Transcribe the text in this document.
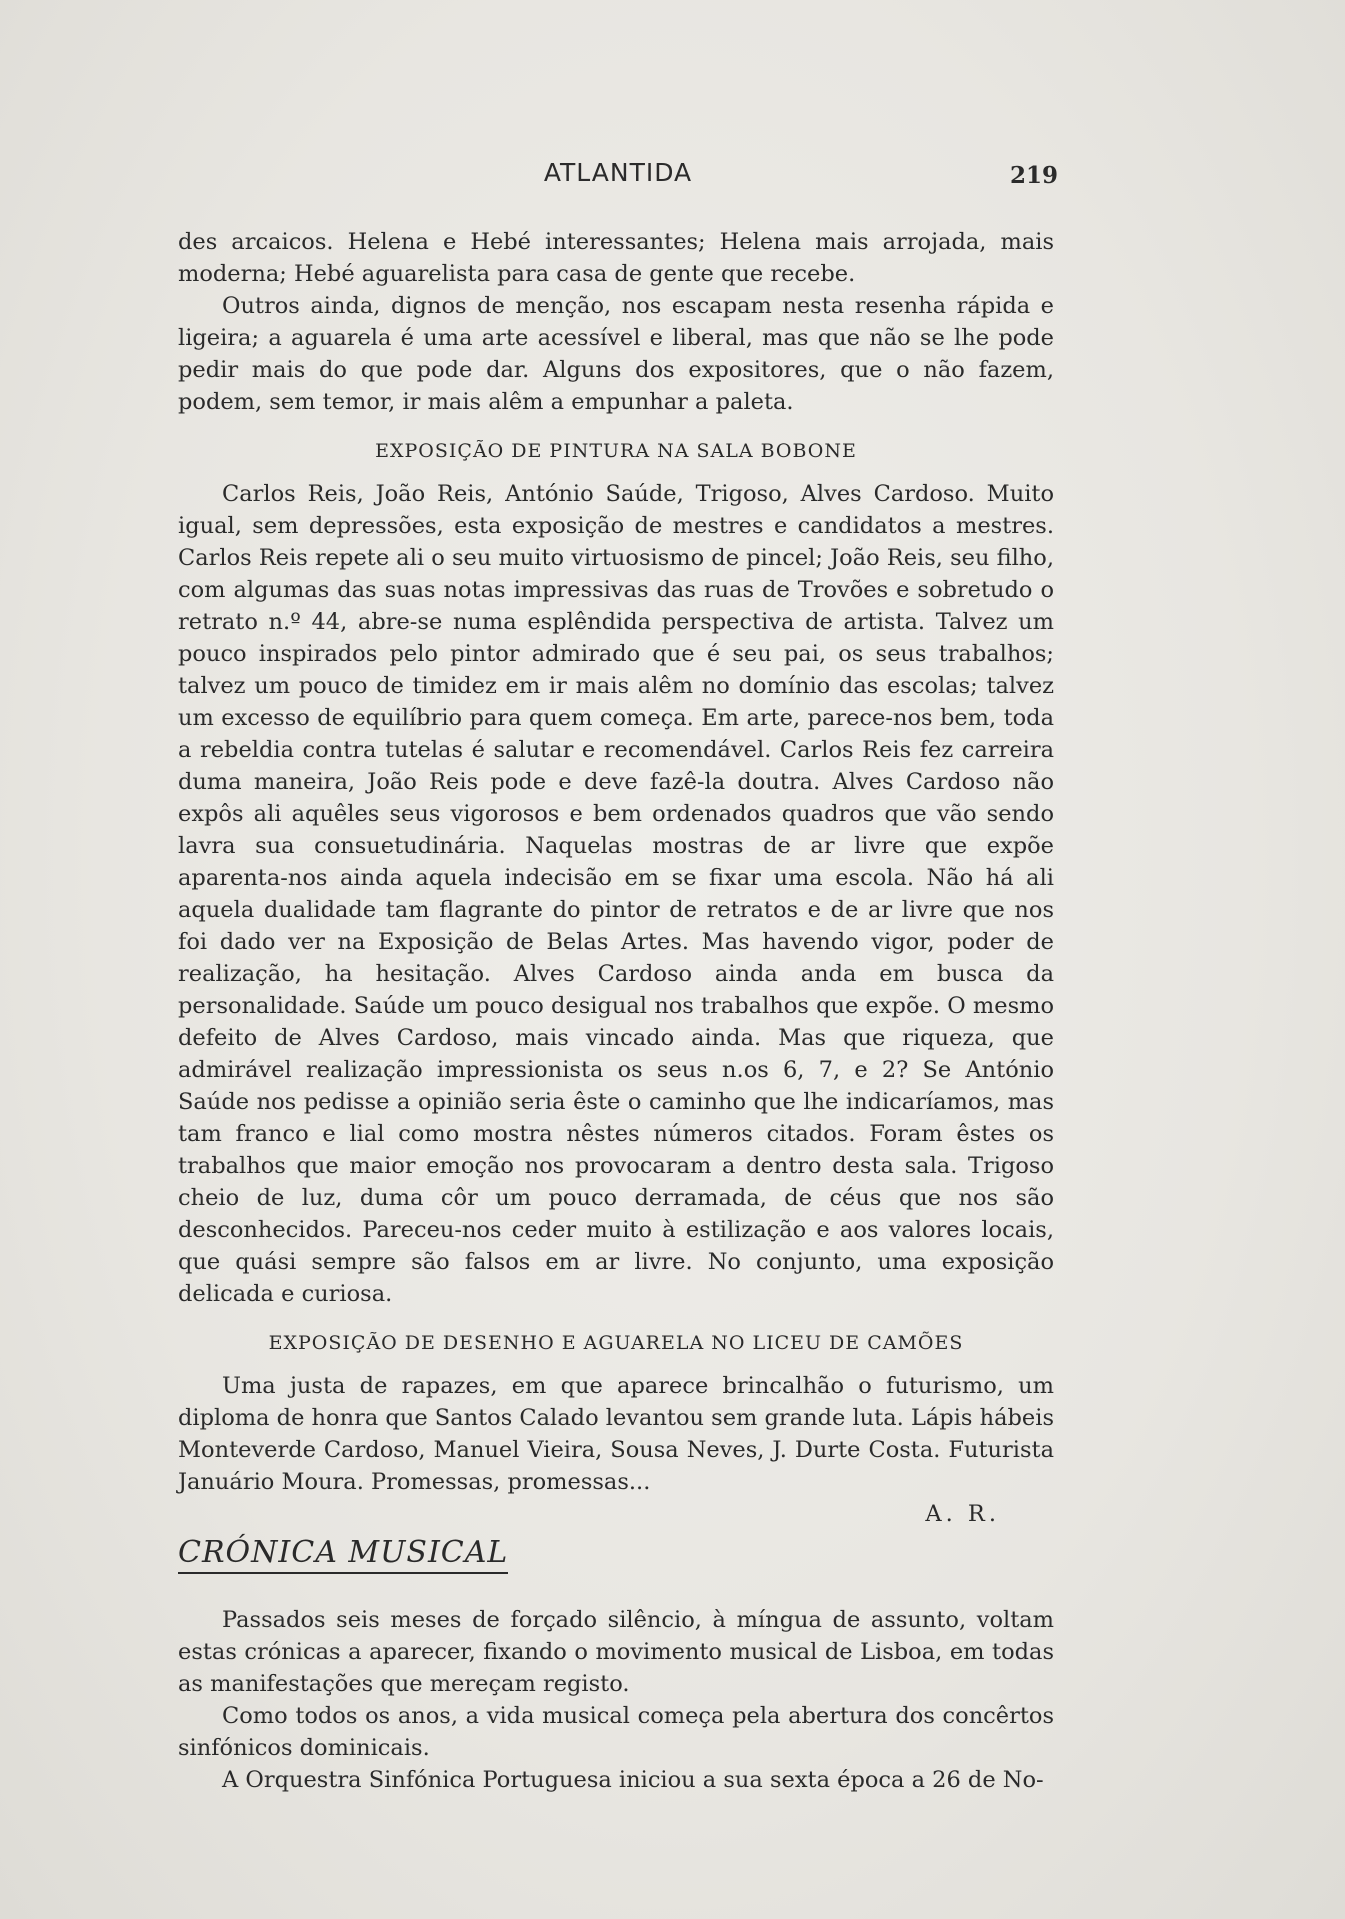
ATLANTIDA	219

des arcaicos. Helena e Hebé interessantes; Helena mais arrojada, mais moderna; Hebé aguarelista para casa de gente que recebe.

Outros ainda, dignos de menção, nos escapam nesta resenha rápida e ligeira; a aguarela é uma arte acessível e liberal, mas que não se lhe pode pedir mais do que pode dar. Alguns dos expositores, que o não fazem, podem, sem temor, ir mais alêm a empunhar a paleta.

EXPOSIÇÃO DE PINTURA NA SALA BOBONE

Carlos Reis, João Reis, António Saúde, Trigoso, Alves Cardoso. Muito igual, sem depressões, esta exposição de mestres e candidatos a mestres. Carlos Reis repete ali o seu muito virtuosismo de pincel; João Reis, seu filho, com algumas das suas notas impressivas das ruas de Trovões e sobretudo o retrato n.º 44, abre-se numa esplêndida perspectiva de artista. Talvez um pouco inspirados pelo pintor admirado que é seu pai, os seus trabalhos; talvez um pouco de timidez em ir mais alêm no domínio das escolas; talvez um excesso de equilíbrio para quem começa. Em arte, parece-nos bem, toda a rebeldia contra tutelas é salutar e recomendável. Carlos Reis fez carreira duma maneira, João Reis pode e deve fazê-la doutra. Alves Cardoso não expôs ali aquêles seus vigorosos e bem ordenados quadros que vão sendo lavra sua consuetudinária. Naquelas mostras de ar livre que expõe aparenta-nos ainda aquela indecisão em se fixar uma escola. Não há ali aquela dualidade tam flagrante do pintor de retratos e de ar livre que nos foi dado ver na Exposição de Belas Artes. Mas havendo vigor, poder de realização, ha hesitação. Alves Cardoso ainda anda em busca da personalidade. Saúde um pouco desigual nos trabalhos que expõe. O mesmo defeito de Alves Cardoso, mais vincado ainda. Mas que riqueza, que admirável realização impressionista os seus n.os 6, 7, e 2? Se António Saúde nos pedisse a opinião seria êste o caminho que lhe indicaríamos, mas tam franco e lial como mostra nêstes números citados. Foram êstes os trabalhos que maior emoção nos provocaram a dentro desta sala. Trigoso cheio de luz, duma côr um pouco derramada, de céus que nos são desconhecidos. Pareceu-nos ceder muito à estilização e aos valores locais, que quási sempre são falsos em ar livre. No conjunto, uma exposição delicada e curiosa.

EXPOSIÇÃO DE DESENHO E AGUARELA NO LICEU DE CAMÕES

Uma justa de rapazes, em que aparece brincalhão o futurismo, um diploma de honra que Santos Calado levantou sem grande luta. Lápis hábeis Monteverde Cardoso, Manuel Vieira, Sousa Neves, J. Durte Costa. Futurista Januário Moura. Promessas, promessas...

A. R.

CRÓNICA MUSICAL

Passados seis meses de forçado silêncio, à míngua de assunto, voltam estas crónicas a aparecer, fixando o movimento musical de Lisboa, em todas as manifestações que mereçam registo.

Como todos os anos, a vida musical começa pela abertura dos concêrtos sinfónicos dominicais.

A Orquestra Sinfónica Portuguesa iniciou a sua sexta época a 26 de No-
